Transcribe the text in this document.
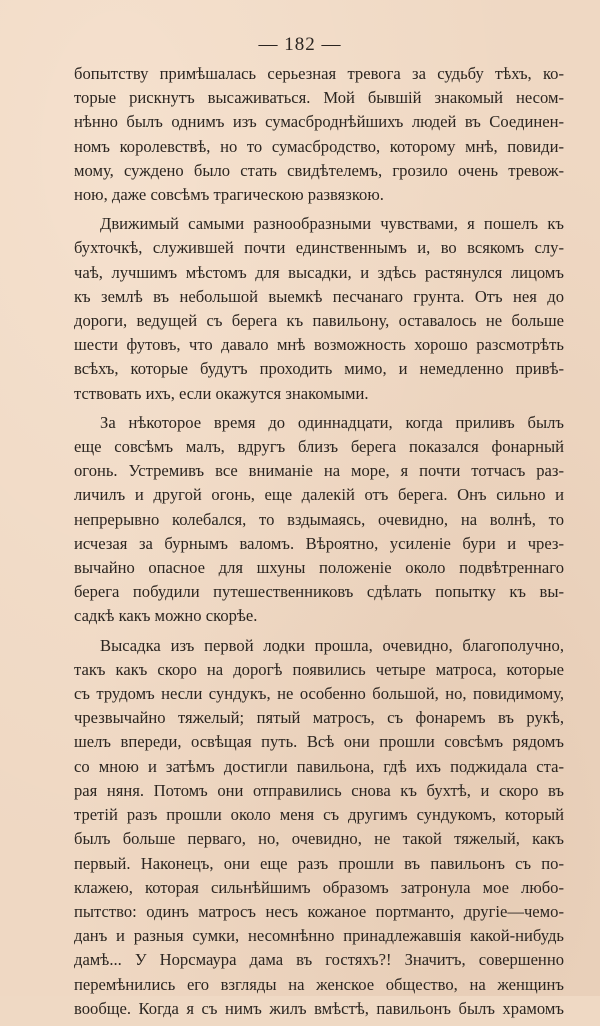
— 182 —
бопытству примѣшалась серьезная тревога за судьбу тѣхъ, ко-
торые рискнутъ высаживаться. Мой бывшій знакомый несом-
нѣнно былъ однимъ изъ сумасброднѣйшихъ людей въ Соединен-
номъ королевствѣ, но то сумасбродство, которому мнѣ, повиди-
мому, суждено было стать свидѣтелемъ, грозило очень тревож-
ною, даже совсѣмъ трагическою развязкою.
Движимый самыми разнообразными чувствами, я пошелъ къ
бухточкѣ, служившей почти единственнымъ и, во всякомъ слу-
чаѣ, лучшимъ мѣстомъ для высадки, и здѣсь растянулся лицомъ
къ землѣ въ небольшой выемкѣ песчанаго грунта. Отъ нея до
дороги, ведущей съ берега къ павильону, оставалось не больше
шести футовъ, что давало мнѣ возможность хорошо разсмотрѣть
всѣхъ, которые будутъ проходить мимо, и немедленно привѣ-
тствовать ихъ, если окажутся знакомыми.
За нѣкоторое время до одиннадцати, когда приливъ былъ
еще совсѣмъ малъ, вдругъ близъ берега показался фонарный
огонь. Устремивъ все вниманіе на море, я почти тотчасъ раз-
личилъ и другой огонь, еще далекій отъ берега. Онъ сильно и
непрерывно колебался, то вздымаясь, очевидно, на волнѣ, то
исчезая за бурнымъ валомъ. Вѣроятно, усиленіе бури и чрез-
вычайно опасное для шхуны положеніе около подвѣтреннаго
берега побудили путешественниковъ сдѣлать попытку къ вы-
садкѣ какъ можно скорѣе.
Высадка изъ первой лодки прошла, очевидно, благополучно,
такъ какъ скоро на дорогѣ появились четыре матроса, которые
съ трудомъ несли сундукъ, не особенно большой, но, повидимому,
чрезвычайно тяжелый; пятый матросъ, съ фонаремъ въ рукѣ,
шелъ впереди, освѣщая путь. Всѣ они прошли совсѣмъ рядомъ
со мною и затѣмъ достигли павильона, гдѣ ихъ поджидала ста-
рая няня. Потомъ они отправились снова къ бухтѣ, и скоро въ
третій разъ прошли около меня съ другимъ сундукомъ, который
былъ больше перваго, но, очевидно, не такой тяжелый, какъ
первый. Наконецъ, они еще разъ прошли въ павильонъ съ по-
клажею, которая сильнѣйшимъ образомъ затронула мое любо-
пытство: одинъ матросъ несъ кожаное портманто, другіе—чемо-
данъ и разныя сумки, несомнѣнно принадлежавшія какой-нибудь
дамѣ... У Норсмаура дама въ гостяхъ?! Значитъ, совершенно
перемѣнились его взгляды на женское общество, на женщинъ
вообще. Когда я съ нимъ жилъ вмѣстѣ, павильонъ былъ храмомъ
